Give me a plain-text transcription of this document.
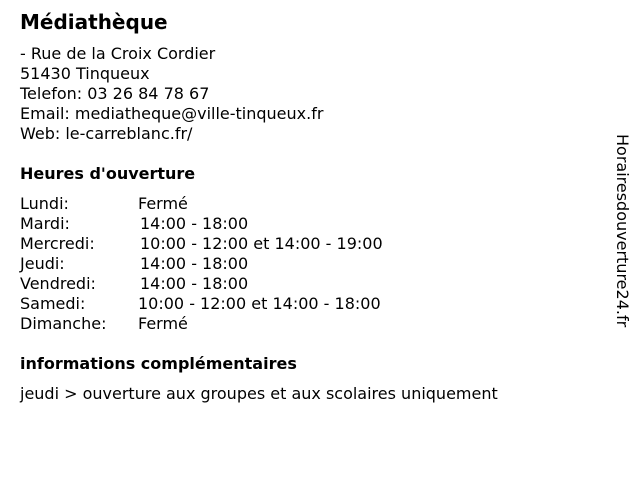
Médiathèque
- Rue de la Croix Cordier
51430 Tinqueux
Telefon: 03 26 84 78 67
Email: mediatheque@ville-tinqueux.fr
Web: le-carreblanc.fr/
Heures d'ouverture
Lundi:	Fermé
Mardi:	14:00 - 18:00
Mercredi:	10:00 - 12:00 et 14:00 - 19:00
Jeudi:	14:00 - 18:00
Vendredi:	14:00 - 18:00
Samedi:	10:00 - 12:00 et 14:00 - 18:00
Dimanche: Fermé
informations complémentaires
jeudi > ouverture aux groupes et aux scolaires uniquement
Horairesdouverture24.fr
